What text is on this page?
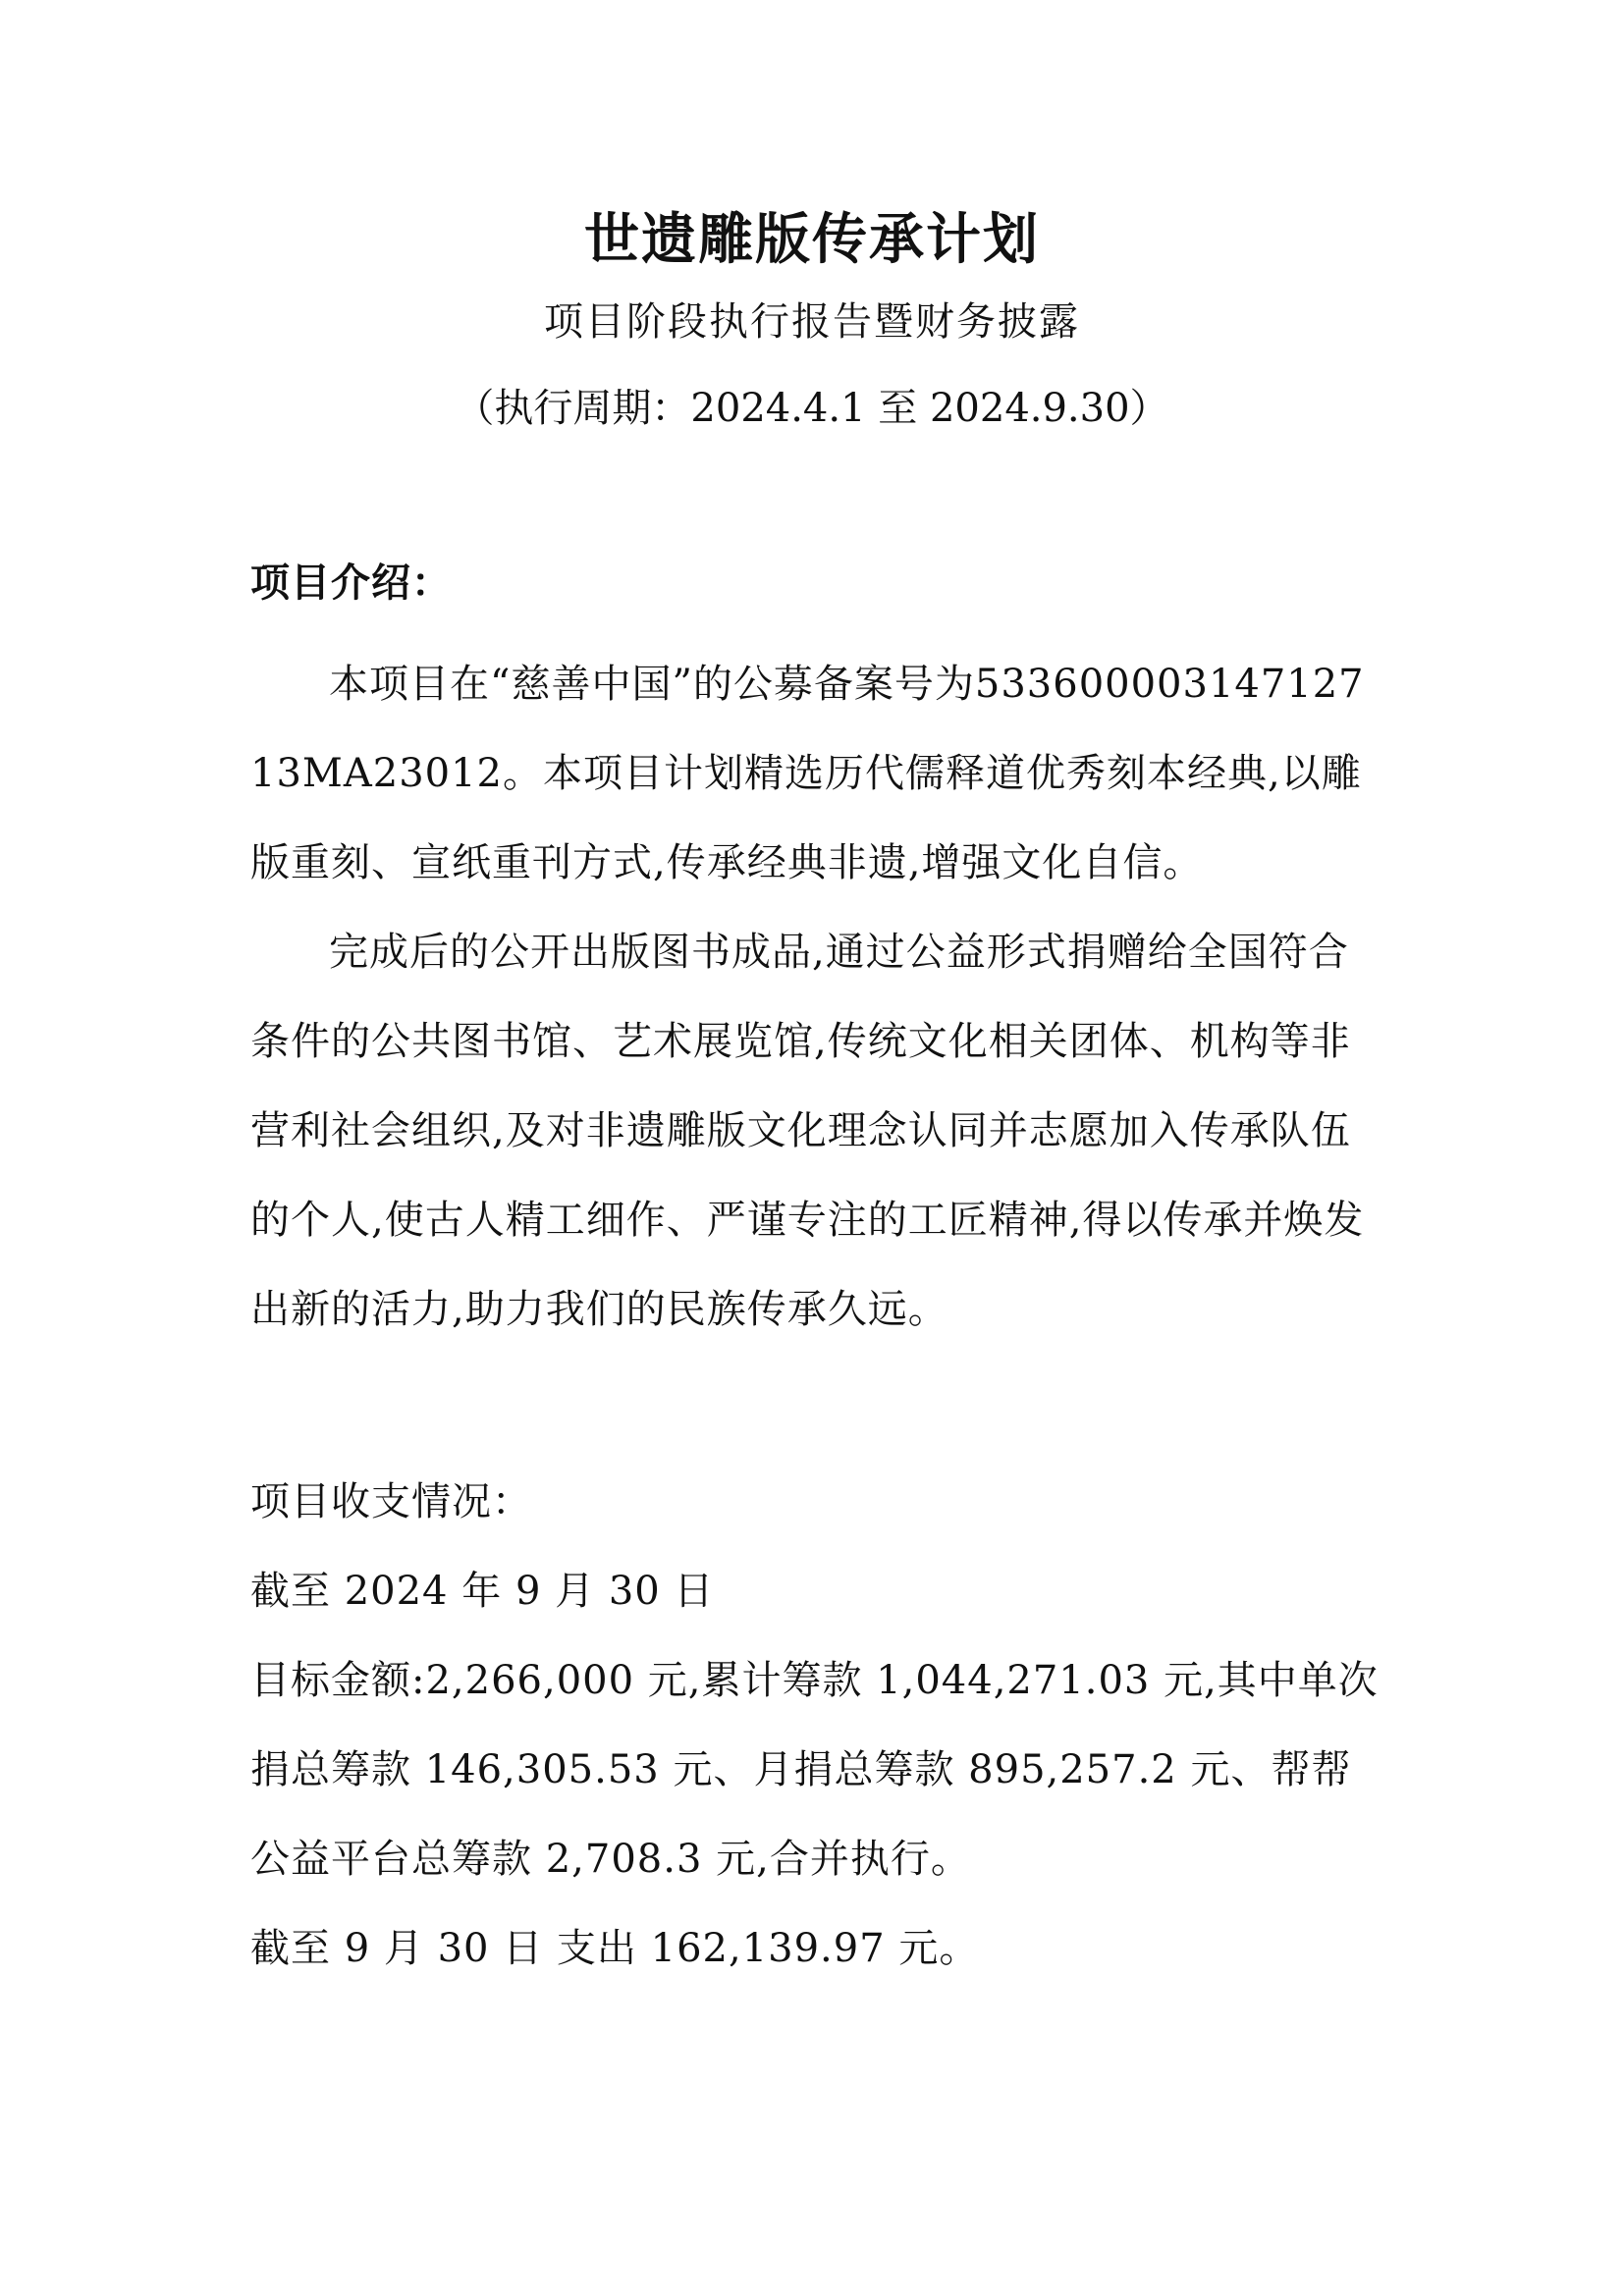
世遗雕版传承计划
项目阶段执行报告暨财务披露
（执行周期：2024.4.1 至 2024.9.30）
项目介绍：

本项目在“慈善中国”的公募备案号为53360000314712713MA23012。本项目计划精选历代儒释道优秀刻本经典,以雕版重刻、宣纸重刊方式,传承经典非遗,增强文化自信。

完成后的公开出版图书成品,通过公益形式捐赠给全国符合条件的公共图书馆、艺术展览馆,传统文化相关团体、机构等非营利社会组织,及对非遗雕版文化理念认同并志愿加入传承队伍的个人,使古人精工细作、严谨专注的工匠精神,得以传承并焕发出新的活力,助力我们的民族传承久远。

项目收支情况：

截至 2024 年 9 月 30 日

目标金额:2,266,000 元,累计筹款 1,044,271.03 元,其中单次捐总筹款 146,305.53 元、月捐总筹款 895,257.2 元、帮帮公益平台总筹款 2,708.3 元,合并执行。

截至 9 月 30 日 支出 162,139.97 元。
